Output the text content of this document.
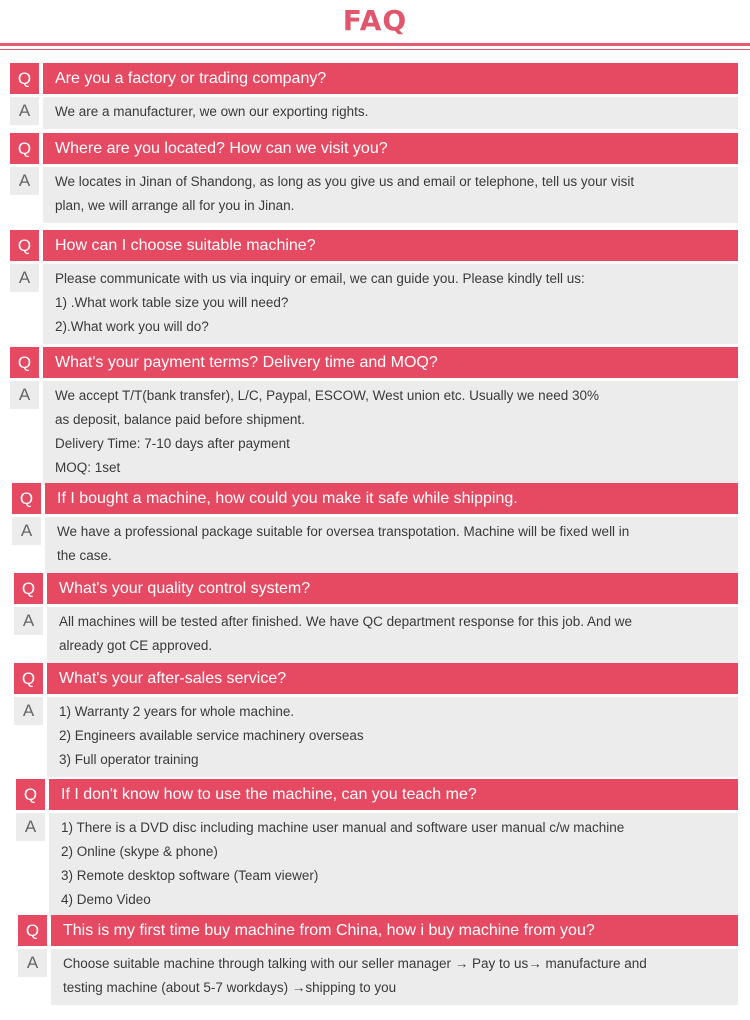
FAQ
Q	Are you a factory or trading company?
A	We are a manufacturer, we own our exporting rights.
Q	Where are you located? How can we visit you?
A	We locates in Jinan of Shandong, as long as you give us and email or telephone, tell us your visit
plan, we will arrange all for you in Jinan.
Q	How can I choose suitable machine?
A	Please communicate with us via inquiry or email, we can guide you. Please kindly tell us:
1) .What work table size you will need?
2).What work you will do?
Q	What's your payment terms? Delivery time and MOQ?
A	We accept T/T(bank transfer), L/C, Paypal, ESCOW, West union etc. Usually we need 30%
as deposit, balance paid before shipment.
Delivery Time: 7-10 days after payment
MOQ: 1set
Q	If I bought a machine, how could you make it safe while shipping.
A	We have a professional package suitable for oversea transpotation. Machine will be fixed well in
the case.
Q	What's your quality control system?
A	All machines will be tested after finished. We have QC department response for this job. And we
already got CE approved.
Q	What's your after-sales service?
A	1) Warranty 2 years for whole machine.
2) Engineers available service machinery overseas
3) Full operator training
Q	If I don't know how to use the machine, can you teach me?
A	1) There is a DVD disc including machine user manual and software user manual c/w machine
2) Online (skype & phone)
3) Remote desktop software (Team viewer)
4) Demo Video
Q	This is my first time buy machine from China, how i buy machine from you?
A	Choose suitable machine through talking with our seller manager → Pay to us→ manufacture and
testing machine (about 5-7 workdays) →shipping to you
